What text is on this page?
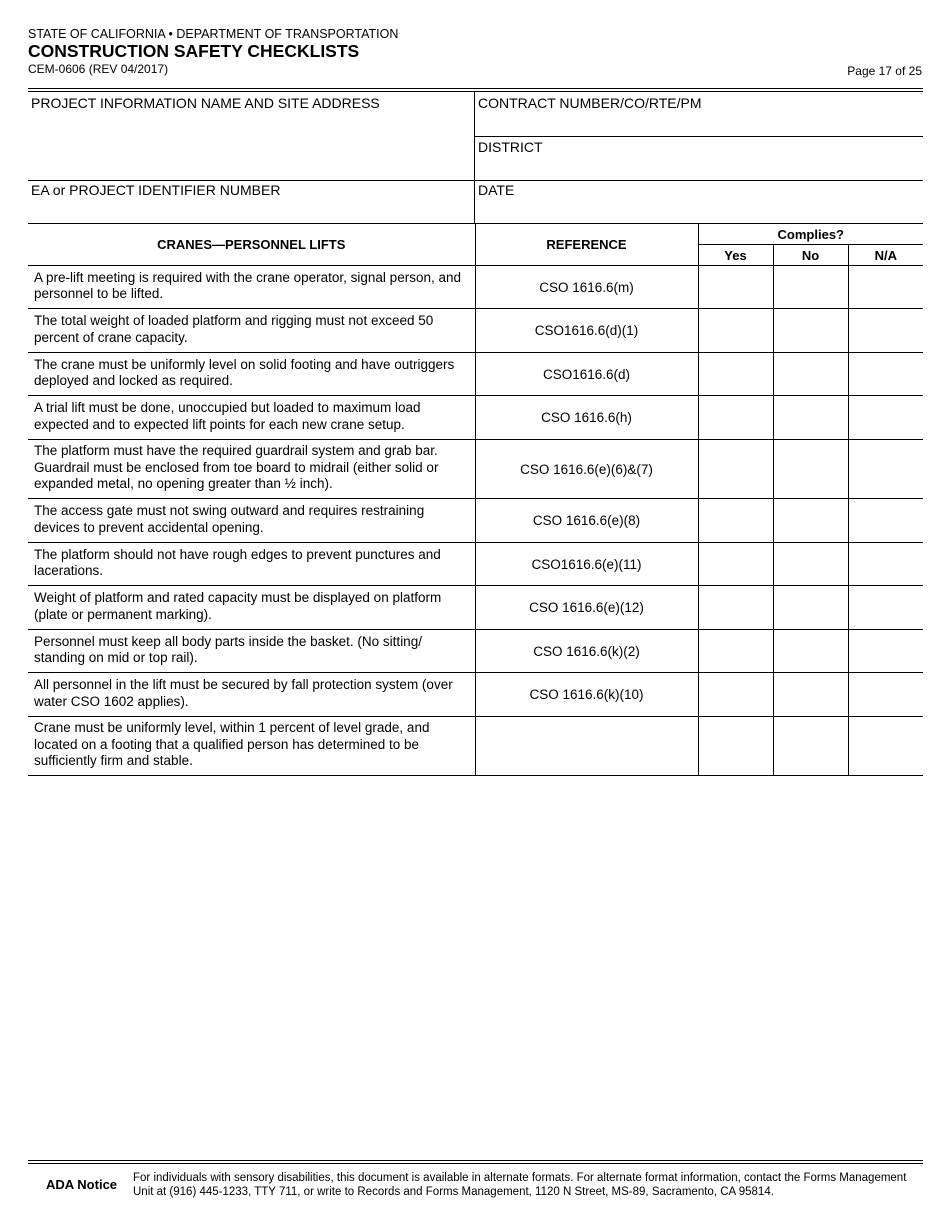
STATE OF CALIFORNIA • DEPARTMENT OF TRANSPORTATION
CONSTRUCTION SAFETY CHECKLISTS
CEM-0606 (REV 04/2017)	Page 17 of 25
PROJECT INFORMATION NAME AND SITE ADDRESS	CONTRACT NUMBER/CO/RTE/PM
DISTRICT
EA or PROJECT IDENTIFIER NUMBER	DATE
CRANES—PERSONNEL LIFTS	REFERENCE	Complies?		
		Yes	No	N/A
A pre-lift meeting is required with the crane operator, signal person, and personnel to be lifted.	CSO 1616.6(m)			
The total weight of loaded platform and rigging must not exceed 50 percent of crane capacity.	CSO1616.6(d)(1)			
The crane must be uniformly level on solid footing and have outriggers deployed and locked as required.	CSO1616.6(d)			
A trial lift must be done, unoccupied but loaded to maximum load expected and to expected lift points for each new crane setup.	CSO 1616.6(h)			
The platform must have the required guardrail system and grab bar. Guardrail must be enclosed from toe board to midrail (either solid or expanded metal, no opening greater than ½ inch).	CSO 1616.6(e)(6)&(7)			
The access gate must not swing outward and requires restraining devices to prevent accidental opening.	CSO 1616.6(e)(8)			
The platform should not have rough edges to prevent punctures and lacerations.	CSO1616.6(e)(11)			
Weight of platform and rated capacity must be displayed on platform (plate or permanent marking).	CSO 1616.6(e)(12)			
Personnel must keep all body parts inside the basket. (No sitting/ standing on mid or top rail).	CSO 1616.6(k)(2)			
All personnel in the lift must be secured by fall protection system (over water CSO 1602 applies).	CSO 1616.6(k)(10)			
Crane must be uniformly level, within 1 percent of level grade, and located on a footing that a qualified person has determined to be sufficiently firm and stable.				
ADA Notice For individuals with sensory disabilities, this document is available in alternate formats. For alternate format information, contact the Forms Management Unit at (916) 445-1233, TTY 711, or write to Records and Forms Management, 1120 N Street, MS-89, Sacramento, CA 95814.
